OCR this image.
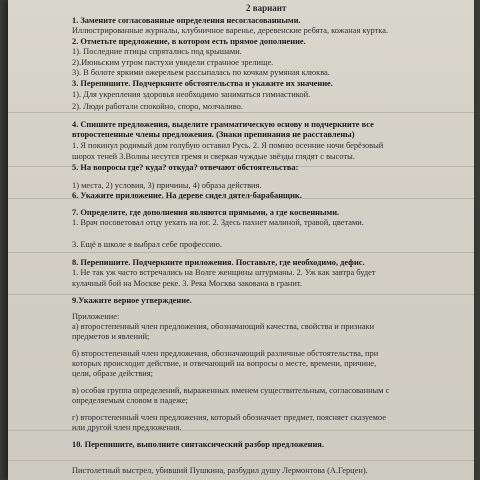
2 вариант
1. Замените согласованные определения несогласованными.
Иллюстрированные журналы, клубничное варенье, деревенские ребята, кожаная куртка.
2. Отметьте предложение, в котором есть прямое дополнение.
1). Последние птицы спрятались под крышами.
2).Июньским утром пастухи увидели странное зрелище.
3). В болоте яркими ожерельем рассыпалась по кочкам румяная клюква.
3. Перепишите. Подчеркните обстоятельства и укажите их значение.
1). Для укрепления здоровья необходимо заниматься гимнастикой.
2). Люди работали спокойно, споро, молчаливо.
4. Спишите предложения, выделите грамматическую основу и подчеркните все
второстепенные члены предложения. (Знаки препинания не расставлены)
1. Я покинул родимый дом голубую оставил Русь. 2. Я помню осенние ночи берёзовый
шорох теней 3.Волны несутся гремя и сверкая чуждые звёзды глядят с высоты.
5. На вопросы где? куда? откуда? отвечают обстоятельства:
1) места, 2) условия, 3) причины, 4) образа действия.
6. Укажите приложение. На дереве сидел дятел-барабанщик.
7. Определите, где дополнения являются прямыми, а где косвенными.
1. Врач посоветовал отцу уехать на юг. 2. Здесь пахнет малиной, травой, цветами.
3. Ещё в школе я выбрал себе профессию.
8. Перепишите. Подчеркните приложения. Поставьте, где необходимо, дефис.
1. Не так уж часто встречались на Волге женщины штурманы. 2. Уж как завтра будет
кулачный бой на Москве реке. 3. Река Москва закована в гранит.
9.Укажите верное утверждение.
Приложение:
а) второстепенный член предложения, обозначающий качества, свойства и признаки
предметов и явлений;
б) второстепенный член предложения, обозначающий различные обстоятельства, при
которых происходит действие, и отвечающий на вопросы о месте, времени, причине,
цели, образе действия;
в) особая группа определений, выраженных именем существительным, согласованным с
определяемым словом в падеже;
г) второстепенный член предложения, который обозначает предмет, поясняет сказуемое
или другой член предложения.
10. Перепишите, выполните синтаксический разбор предложения.
Пистолетный выстрел, убивший Пушкина, разбудил душу Лермонтова (А.Герцен).
